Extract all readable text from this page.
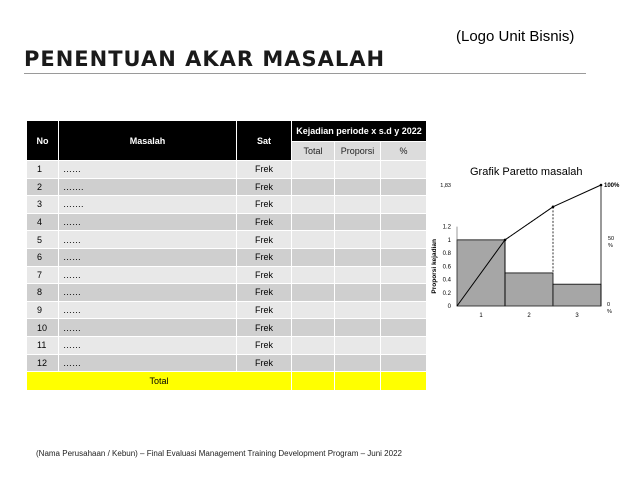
(Logo Unit Bisnis)
PENENTUAN AKAR MASALAH
No	Masalah	Sat	Kejadian periode x s.d y 2022		
			Total	Proporsi	%
1	……	Frek			
2	…….	Frek			
3	…….	Frek			
4	……	Frek			
5	……	Frek			
6	……	Frek			
7	……	Frek			
8	……	Frek			
9	……	Frek			
10	……	Frek			
11	……	Frek			
12	……	Frek			
Total					
Grafik Paretto masalah
0
0.2
0.4
0.6
0.8
1
1.2
1,83
1	2	3
Proporsi kejadian
100%
50
%
0
%
(Nama Perusahaan / Kebun) – Final Evaluasi Management Training Development Program – Juni 2022
